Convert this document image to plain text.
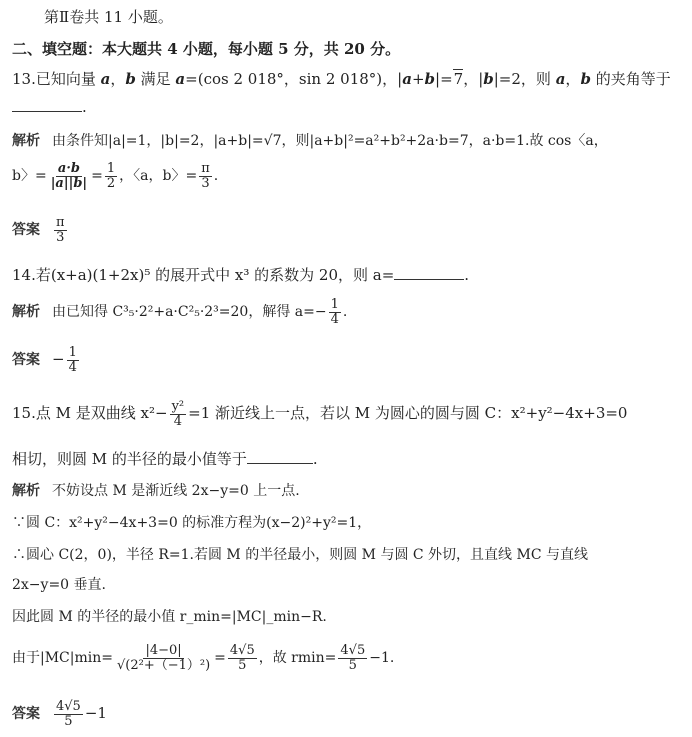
第Ⅱ卷共 11 小题。
二、填空题：本大题共 4 小题，每小题 5 分，共 20 分。
13.已知向量 a，b 满足 a=(cos 2 018°，sin 2 018°)，|a+b|=7，|b|=2，则 a，b 的夹角等于
.
解析 由条件知|a|=1，|b|=2，|a+b|=√7，则|a+b|²=a²+b²+2a·b=7，a·b=1.故 cos〈a，
b〉= $\frac{a\cdot b}{|a||b|} = \frac{1}{2}$ ，〈a，b〉= $\frac{\pi}{3}$ .
答案 $\frac{\pi}{3}$
14.若(x+a)(1+2x)⁵ 的展开式中 x³ 的系数为 20，则 a=	.
解析 由已知得 C³₅·2²+a·C²₅·2³=20，解得 $a=- \frac{1}{4}$ .
答案 − $\frac{1}{4}$
15.点 M 是双曲线 $x^2- \frac{\text{y²}}{4} =1$ 渐近线上一点，若以 M 为圆心的圆与圆 C：x²+y²−4x+3=0
相切，则圆 M 的半径的最小值等于	.
解析 不妨设点 M 是渐近线 2x−y=0 上一点.
∵圆 C：x²+y²−4x+3=0 的标准方程为(x−2)²+y²=1，
∴圆心 C(2，0)，半径 R=1.若圆 M 的半径最小，则圆 M 与圆 C 外切，且直线 MC 与直线
2x−y=0 垂直.
因此圆 M 的半径的最小值 r_min=|MC|_min−R.
由于$|MC|\min= \frac{|4-0|}{\text{√(2²+（−1）²)}} = \frac{4√5}{5}$ ，故 $rmin= \frac{4√5}{5} -1$.
答案 $\frac{4√5}{5} -1$
